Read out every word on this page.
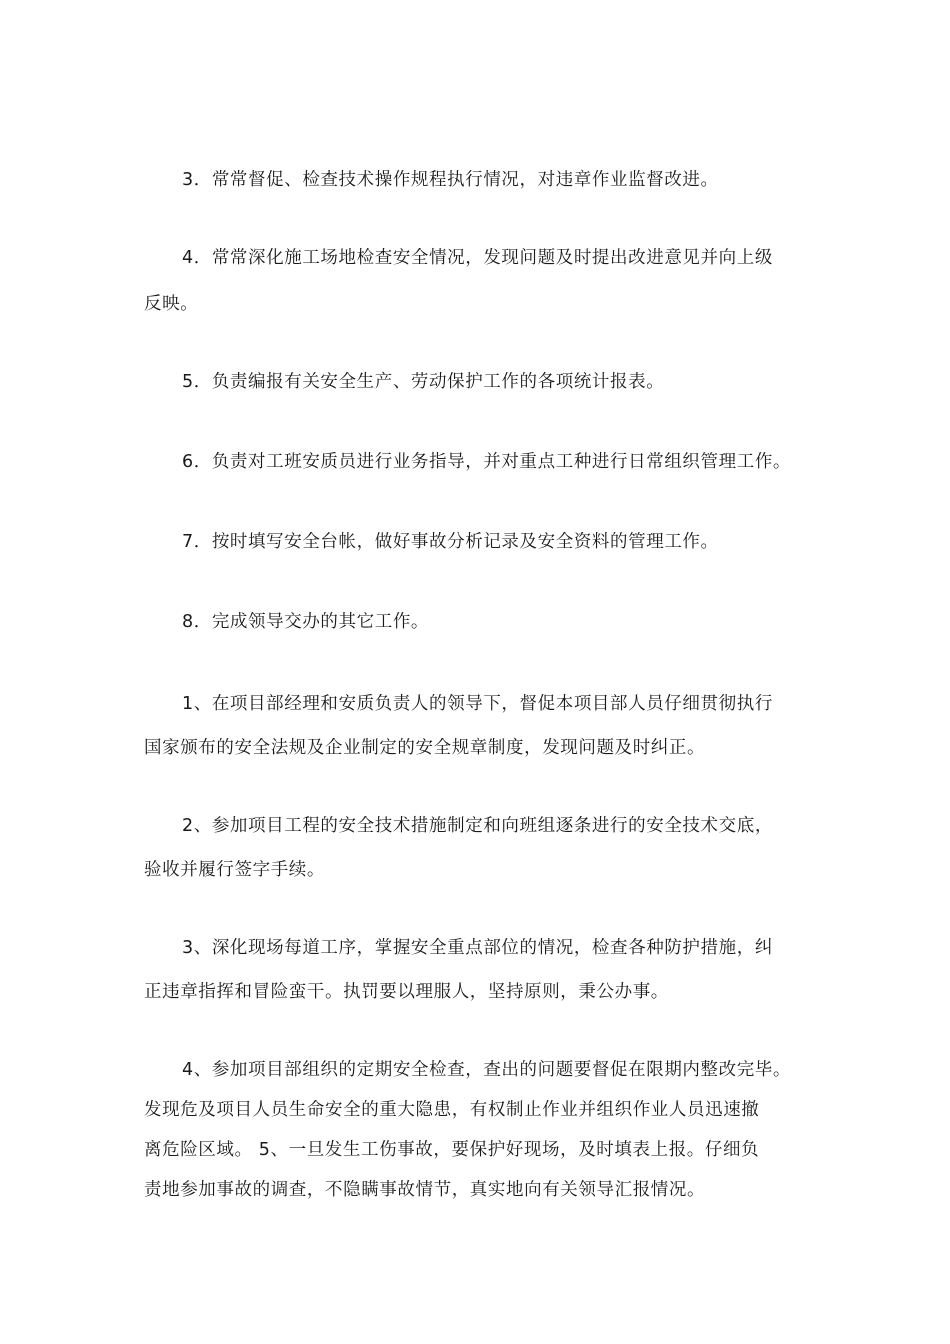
3．常常督促、检查技术操作规程执行情况，对违章作业监督改进。
4．常常深化施工场地检查安全情况，发现问题及时提出改进意见并向上级
反映。
5．负责编报有关安全生产、劳动保护工作的各项统计报表。
6．负责对工班安质员进行业务指导，并对重点工种进行日常组织管理工作。
7．按时填写安全台帐，做好事故分析记录及安全资料的管理工作。
8．完成领导交办的其它工作。
1、在项目部经理和安质负责人的领导下，督促本项目部人员仔细贯彻执行
国家颁布的安全法规及企业制定的安全规章制度，发现问题及时纠正。
2、参加项目工程的安全技术措施制定和向班组逐条进行的安全技术交底，
验收并履行签字手续。
3、深化现场每道工序，掌握安全重点部位的情况，检查各种防护措施，纠
正违章指挥和冒险蛮干。执罚要以理服人，坚持原则，秉公办事。
4、参加项目部组织的定期安全检查，查出的问题要督促在限期内整改完毕。
发现危及项目人员生命安全的重大隐患，有权制止作业并组织作业人员迅速撤
离危险区域。 5、一旦发生工伤事故，要保护好现场，及时填表上报。仔细负
责地参加事故的调查，不隐瞒事故情节，真实地向有关领导汇报情况。
